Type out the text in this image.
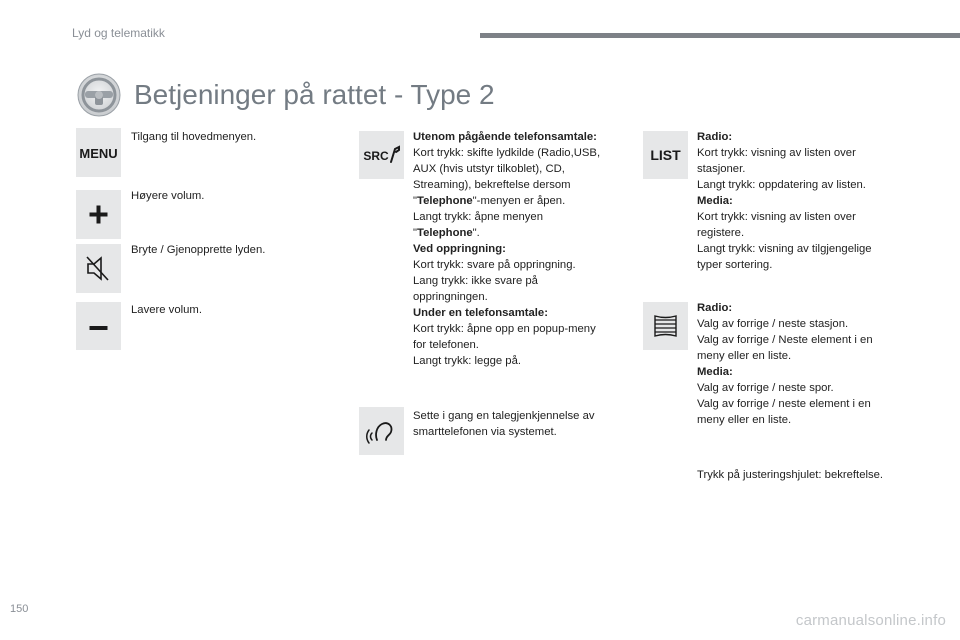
Lyd og telematikk
Betjeninger på rattet - Type 2
MENU
Tilgang til hovedmenyen.
Høyere volum.
Bryte / Gjenopprette lyden.
Lavere volum.
SRC
Utenom pågående telefonsamtale:
Kort trykk: skifte lydkilde (Radio,USB,
AUX (hvis utstyr tilkoblet), CD,
Streaming), bekreftelse dersom
"Telephone"-menyen er åpen.
Langt trykk: åpne menyen
"Telephone".
Ved oppringning:
Kort trykk: svare på oppringning.
Lang trykk: ikke svare på
oppringningen.
Under en telefonsamtale:
Kort trykk: åpne opp en popup-meny
for telefonen.
Langt trykk: legge på.
Sette i gang en talegjenkjennelse av
smarttelefonen via systemet.
LIST
Radio:
Kort trykk: visning av listen over
stasjoner.
Langt trykk: oppdatering av listen.
Media:
Kort trykk: visning av listen over
registere.
Langt trykk: visning av tilgjengelige
typer sortering.
Radio:
Valg av forrige / neste stasjon.
Valg av forrige / Neste element i en
meny eller en liste.
Media:
Valg av forrige / neste spor.
Valg av forrige / neste element i en
meny eller en liste.
Trykk på justeringshjulet: bekreftelse.
150
carmanualsonline.info
